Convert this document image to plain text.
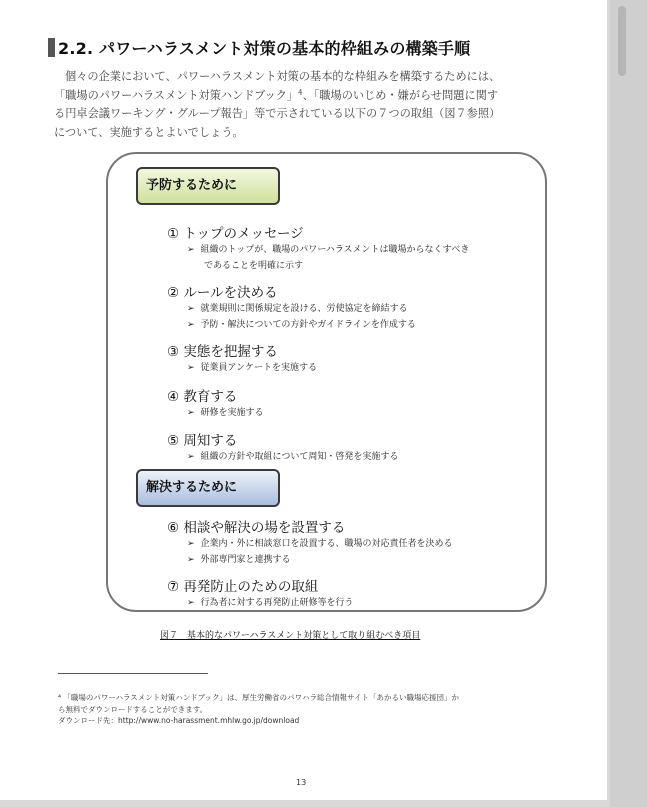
2.2. パワーハラスメント対策の基本的枠組みの構築手順
個々の企業において、パワーハラスメント対策の基本的な枠組みを構築するためには、
「職場のパワーハラスメント対策ハンドブック」$^4$、「職場のいじめ・嫌がらせ問題に関す
る円卓会議ワーキング・グループ報告」等で示されている以下の７つの取組（図７参照）
について、実施するとよいでしょう。
予防するために
① トップのメッセージ
➢ 組織のトップが、職場のパワーハラスメントは職場からなくすべき
であることを明確に示す
② ルールを決める
➢ 就業規則に関係規定を設ける、労使協定を締結する
➢ 予防・解決についての方針やガイドラインを作成する
③ 実態を把握する
➢ 従業員アンケートを実施する
④ 教育する
➢ 研修を実施する
⑤ 周知する
➢ 組織の方針や取組について周知・啓発を実施する
解決するために
⑥ 相談や解決の場を設置する
➢ 企業内・外に相談窓口を設置する、職場の対応責任者を決める
➢ 外部専門家と連携する
⑦ 再発防止のための取組
➢ 行為者に対する再発防止研修等を行う
図７　基本的なパワーハラスメント対策として取り組むべき項目
⁴ 「職場のパワーハラスメント対策ハンドブック」は、厚生労働省のパワハラ総合情報サイト「あかるい職場応援団」か
ら無料でダウンロードすることができます。
ダウンロード先：http://www.no-harassment.mhlw.go.jp/download
13
